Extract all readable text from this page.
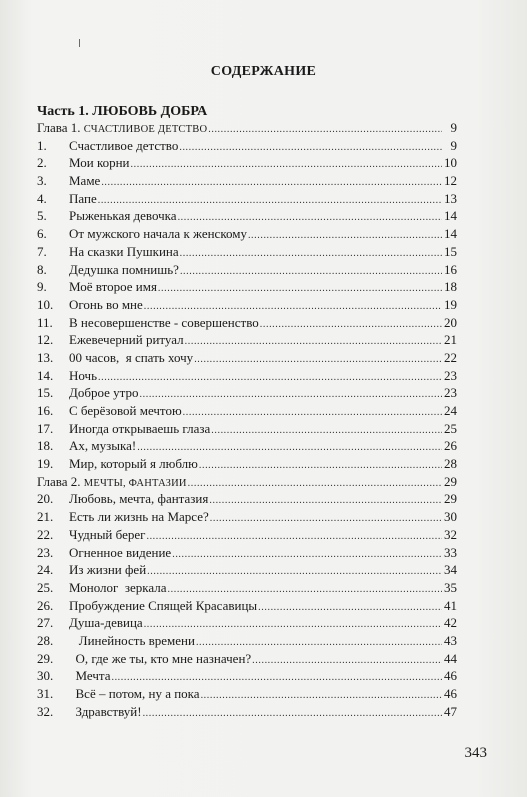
СОДЕРЖАНИЕ
Часть 1. ЛЮБОВЬ ДОБРА
Глава 1. СЧАСТЛИВОЕ ДЕТСТВО .....	9
1.	Счастливое детство .....	9
2.	Мои корни .....	10
3.	Маме .....	12
4.	Папе .....	13
5.	Рыженькая девочка .....	14
6.	От мужского начала к женскому .....	14
7.	На сказки Пушкина .....	15
8.	Дедушка помнишь? .....	16
9.	Моё второе имя .....	18
10.	Огонь во мне .....	19
11.	В несовершенстве - совершенство .....	20
12.	Ежевечерний ритуал .....	21
13.	00 часов,  я спать хочу .....	22
14.	Ночь .....	23
15.	Доброе утро .....	23
16.	С берёзовой мечтою .....	24
17.	Иногда открываешь глаза .....	25
18.	Ах, музыка! .....	26
19.	Мир, который я люблю .....	28
Глава 2. МЕЧТЫ, ФАНТАЗИИ .....	29
20.	Любовь, мечта, фантазия .....	29
21.	Есть ли жизнь на Марсе? .....	30
22.	Чудный берег .....	32
23.	Огненное видение .....	33
24.	Из жизни фей .....	34
25.	Монолог  зеркала .....	35
26.	Пробуждение Спящей Красавицы .....	41
27.	Душа-девица .....	42
28.	Линейность времени .....	43
29.	О, где же ты, кто мне назначен? .....	44
30.	Мечта .....	46
31.	Всё – потом, ну а пока .....	46
32.	Здравствуй! .....	47
343
